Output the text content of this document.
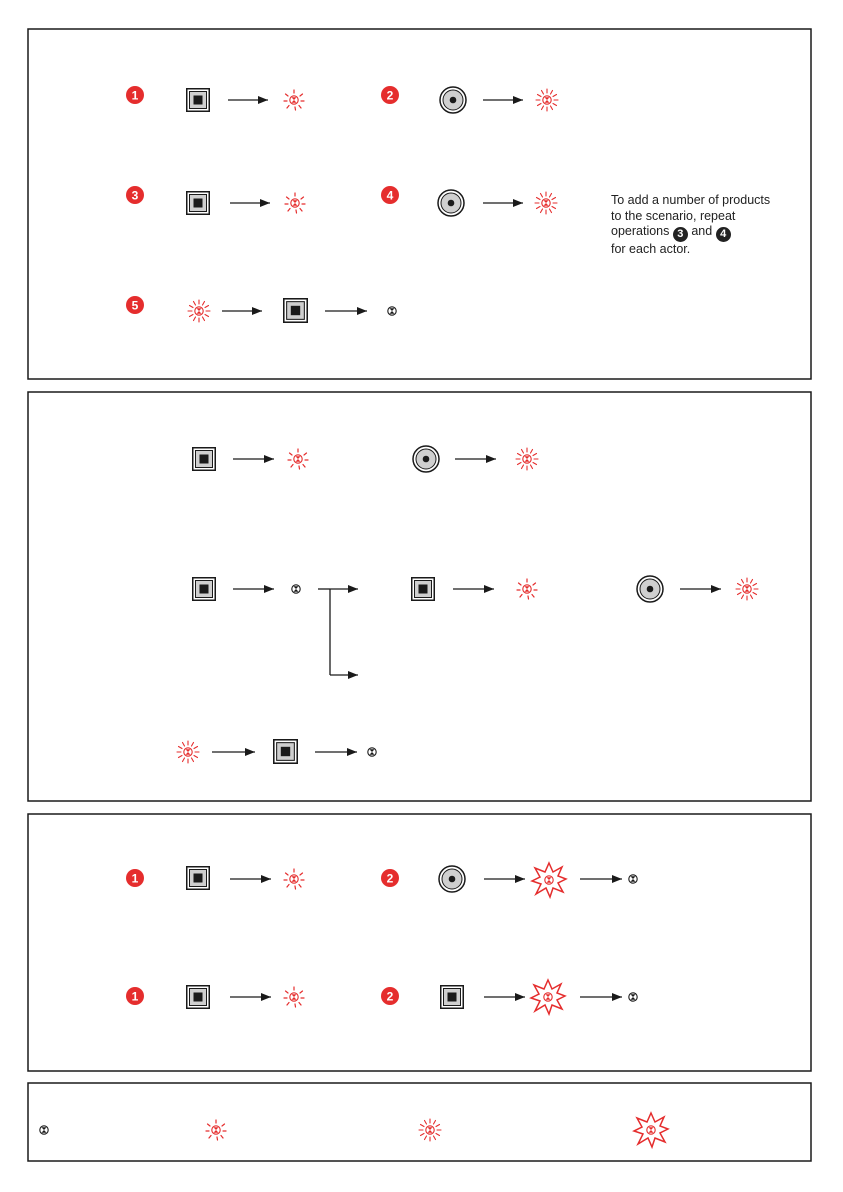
1	2
3	4
5
1	2
1	2

To add a number of products

to the scenario, repeat

operations 3 and 4

for each actor.
